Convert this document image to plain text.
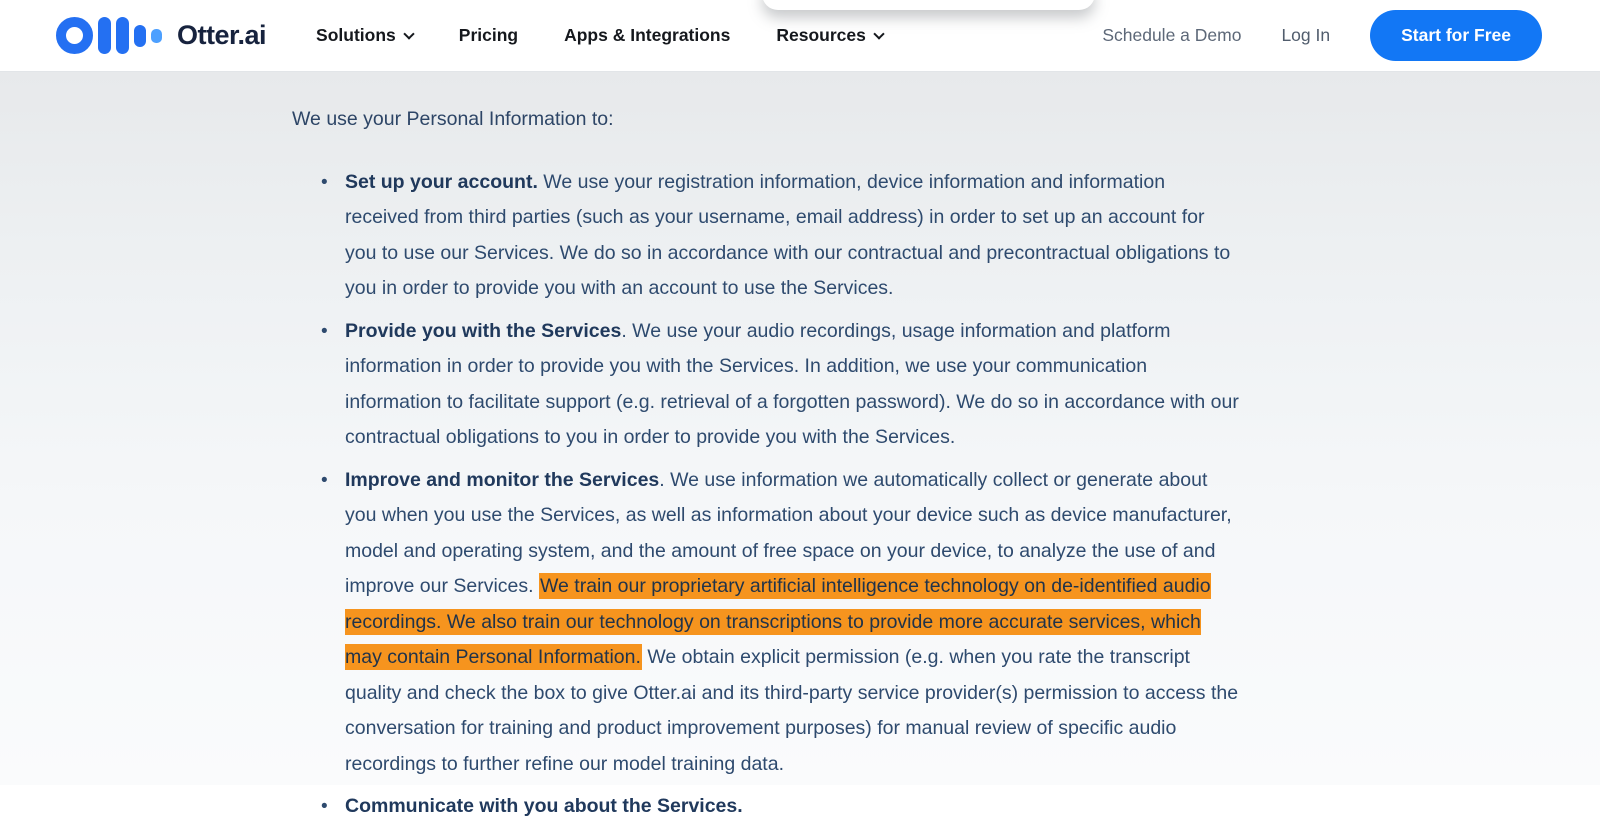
Otter.ai	Solutions	Pricing	Apps & Integrations	Resources	Schedule a Demo Log In	Start for Free

We use your Personal Information to:

• Set up your account. We use your registration information, device information and information received from third parties (such as your username, email address) in order to set up an account for you to use our Services. We do so in accordance with our contractual and precontractual obligations to you in order to provide you with an account to use the Services.
• Provide you with the Services. We use your audio recordings, usage information and platform information in order to provide you with the Services. In addition, we use your communication information to facilitate support (e.g. retrieval of a forgotten password). We do so in accordance with our contractual obligations to you in order to provide you with the Services.
• Improve and monitor the Services. We use information we automatically collect or generate about you when you use the Services, as well as information about your device such as device manufacturer, model and operating system, and the amount of free space on your device, to analyze the use of and improve our Services. We train our proprietary artificial intelligence technology on de-identified audio recordings. We also train our technology on transcriptions to provide more accurate services, which may contain Personal Information. We obtain explicit permission (e.g. when you rate the transcript quality and check the box to give Otter.ai and its third-party service provider(s) permission to access the conversation for training and product improvement purposes) for manual review of specific audio recordings to further refine our model training data.
• Communicate with you about the Services.
